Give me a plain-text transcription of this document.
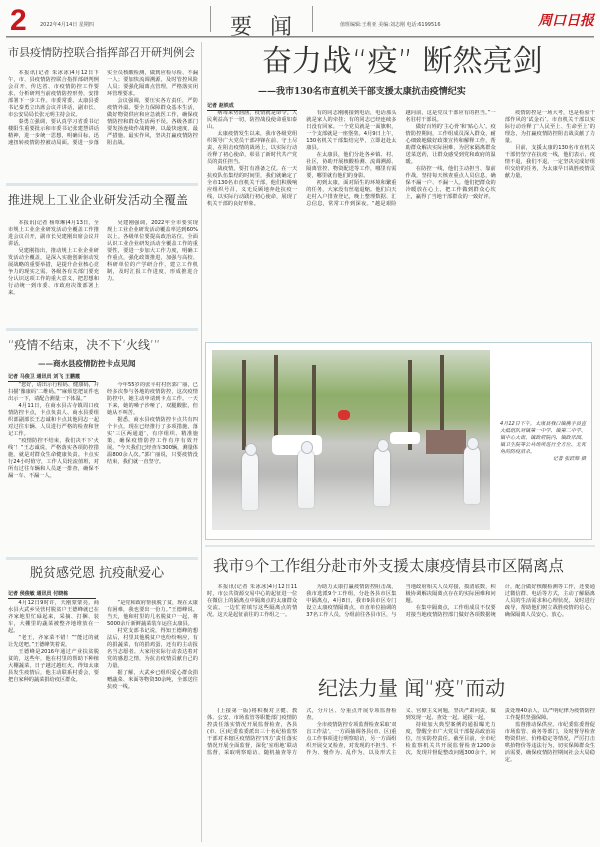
2	2022年4月14日 星期四	要闻	值班编辑:王莉亚 美编:刘志刚 电话:6199516	周口日报
市县疫情防控联合指挥部召开研判例会

本报讯(记者 朱冰冰)4月12日下午，市、县疫情防控联合指挥部研判例会召开，传达省、市疫情防控工作要求，分析研判当前疫情防控形势，安排部署下一步工作。市委常委、太康县委书记秦勇立出席会议并讲话，副市长、市公安局局长张元明主持会议。

秦勇立强调，要认真学习省委书记楼阳生重要批示和市委书记张建慧讲话精神，进一步统一思想，明确目标，迅速扭转疫情防控被动局面。要进一步落实全员核酸检测，做到应检尽检、不漏一人；要加快流调溯源，及时管控风险人员；要强化隔离点管理，严格落实闭环管理要求。

会议强调，要压实各方责任，严防疫情外溢。要全力保障群众基本生活，做好物资供应和应急就医工作，确保疫情防控和群众生活两不误。各级各部门要发扬连续作战精神，以最快速度、最严措施、最实作风，坚决打赢疫情防控阻击战。

推进规上工业企业研发活动全覆盖

本报讯(记者 杨覃琳)4月13日，全市规上工业企业研发活动全覆盖工作推进会议召开，副市长吴建刚出席会议并讲话。

吴建刚指出，推动规上工业企业研发活动全覆盖，是深入实施创新驱动发展战略的重要举措，是提升企业核心竞争力的现实之需。各级各有关部门要充分认识这项工作的重大意义，把思想和行动统一到市委、市政府决策部署上来。

吴建刚强调，2022年全市要实现规上工业企业研发活动覆盖率达到60%以上。各级单位要提高政治站位，全面认识工业企业研发活动全覆盖工作的重要性，要进一步加大工作力度，明确工作重点，强化政策推进，加强与高校、科研单位的产学研合作，建立工作机制，及时汇报工作进度，形成推进合力。

“疫情不结束，决不下‘火线’”
——商水县疫情防控卡点见闻
记者 马俊卫 通讯员 刘飞 王鹏霞

“您好，请出示行程码、健康码，并扫描‘豫康码’二维码。”“麻烦您把证件也出示一下，请配合测量一下体温。”

4月11日，在商水县古寺镇周口疫情防控卡点，卡点负责人、商水县委组织部副部长王志诚和卡点其他同志一起对过往车辆、人员进行严格的检查和登记工作。

“疫情防控不结束，我们决不下‘火线’！”王志诚说，严格落实各项防控措施，就是对群众生命健康负责。卡点实行24小时值守，工作人员轮流值班，对所有过往车辆和人员逐一排查，确保不漏一车、不漏一人。

今年55岁的张平村村医郭广丽，已经多次参与各地的疫情防控，这次疫情防控中，她主动申请到卡点工作。一天下来，她的嗓子沙哑了，双腿酸胀，但她从不叫苦。

据悉，商水县疫情防控卡点共有四个卡点，现在已经推行了多项措施，落实‘三区两通道’，有序组织、精准施策，确保疫情防控工作有序有效开展。“今天我们已经查车300辆，测量体温800余人次。”郭广丽说，只要疫情没结束，我们就一直坚守。

脱贫感党恩 抗疫献爱心
记者 侯俊敏 通讯员 付晓栋

4月12日9时许，天刚蒙蒙亮，商水县大武乡吴营村脱贫户王德峰就已在齐家地里忙碌起来，采摘、打捆、装车，大棚里的蔬菜被整齐地堆放在一起。

“老王，齐家菜不错！”“能过的就让先送吧。”王德峰笑着说。

王德峰是2016年通过产业扶贫脱贫的，这些年，他在村里的帮助下种植大棚蔬菜，日子越过越红火。得知太康县发生疫情后，他主动联系村委会，要把自家种的蔬菜捐给疫区群众。

“是党和政府帮我脱了贫，现在太康有困难，我也要出一份力。”王德峰说。当天，他和村里的几名脱贫户一起，将5000余斤新鲜蔬菜装车运往太康县。

村党支部书记说，得知王德峰的想法后，村里其他脱贫户也纷纷响应，有的捐蔬菜，有的捐鸡蛋，还有的主动报名当志愿者。大家用实际行动表达着对党的感恩之情，为抗击疫情贡献自己的力量。

据了解，大武乡已组织爱心群众捐赠蔬菜、米面等物资30余吨，全部送往抗疫一线。

奋力战“疫” 断然亮剑
——我市130名市直机关干部支援太康抗击疫情纪实
记者 赵铁成

病毒来势汹汹，疫情就是命令。人民利益高于一切，防控战役使命重如泰山。

太康疫情发生以来，我市各级党组织领导广大党员干部冲锋在前、守土尽责，在阻击疫情的战场上，以实际行动诠释了初心使命，彰显了新时代共产党员的责任担当。

战疫情，要打有准备之仗。在一天抗疫队伍集结的时间里，我们就确定了全市130名市直机关干部，他们积极响应组织号召，义无反顾地奔赴抗疫一线，以实际行动践行初心使命，展现了机关干部的良好形象。

有的同志刚刚接到电话，电话那头就是家人的牵挂；有的同志已经连续多日没有回家。一个党员就是一面旗帜，一个支部就是一座堡垒。4月9日上午，130名机关干部集结完毕，立即赶赴太康县。

在太康县，他们分赴各乡镇、村、社区，协助开展核酸检测、流调溯源、隔离管控、物资配送等工作，哪里有需要，哪里就有他们的身影。

初到太康，面对陌生的环境和繁重的任务，大家没有丝毫退缩。他们白天走村入户排查登记，晚上整理数据、汇总信息，常常工作到深夜。“越是艰险越向前，这是党员干部应有的担当。”一名驻村干部说。

做好百姓的‘主心骨’和‘贴心人’。疫情防控期间，工作组成员深入群众，耐心细致地做好政策宣传和解释工作，帮助群众解决实际困难，为居家隔离群众送菜送药，让群众感受到党和政府的温暖。

在防控一线，他们主动担当、靠前作战，坚持每天核查重点人员信息，确保不漏一户、不漏一人。他们把群众的冷暖放在心上，把工作做到群众心坎上，赢得了当地干部群众的一致好评。

疫情防控是一场大考，也是检验干部作风的‘试金石’。市直机关干部以实际行动诠释了‘人民至上、生命至上’的理念，为打赢疫情防控阻击战贡献了力量。

目前，支援太康的130名市直机关干部仍坚守在抗疫一线，他们表示，疫情不退，我们不退，一定坚决完成好组织交给的任务，为太康早日战胜疫情贡献力量。

4月12日下午，太康县我口镇携手县直大抵组队对镇第一中学、镇第二中学、镇中心大街、镇政府院内、镇政乐园、镇卫生院等公共场所进行全方位、无死角的防疫消杀。
记者 张跃辉 摄
我市9个工作组分赴市外支援太康疫情县市区隔离点

本报讯(记者 朱冰冰)4月12日11时，市公共资源交易中心的起征进一位在微信上的隔离点中隔离点的太康群众交流。一边忙着填写这些隔离点的情况。这天是起征前往的工作组之一。

为助力太康打赢疫情防控阻击战，我市选派9个工作组，分赴各县市区集中隔离点，4月8日，我市9县市区专门设立太康疫情隔离点，市直单位抽调的37名工作人员，分组前往各县市区，与当地政府相关人员对接，摸清底数，积极协调解决隔离点存在的实际困难和问题。

在集中隔离点，工作组成员不仅要对接当地疫情防控部门做好各项数据统计，配合做好核酸检测等工作，还要通过微信群、电话等方式，主动了解隔离人员的生活需求和心理状况，及时进行疏导，帮助他们树立战胜疫情的信心，确保隔离人员安心、放心。

纪法力量 闻“疫”而动

(上接第一版)将积极对卫健、教体、公安、市场监管等职能部门疫情防控责任落实情况开展监督检查，各县(市、区)纪委监委派出三十名纪检监察干部对本辖区疫情防控‘四方’责任落实情况开展全面监督，深化‘室组地’联动监督，采取明察暗访、随机抽查等方式，分片区、分重点开展专项监督检查。

全市疫情防控专项监督检查采取‘双盲工作法’，一方面抽调各县(市、区)重点工作事项进行明察暗访，另一方面组织开展交叉检查，对发现的不担当、不作为、慢作为、乱作为，以及形式主义、官僚主义问题，坚决严肃问责，做到发现一起、查处一起、通报一起。

持续加大典型案例的通报曝光力度，警醒全市广大党员干部提高政治站位，压实防控责任。截至目前，全市纪检监察机关共开展监督检查1200余次，发现并督促整改问题300余个，问责处理40余人，以严明纪律为疫情防控工作提供坚强保障。

监督推动保供应。市纪委监委督促市场监管、商务等部门，及时督导检查物资供应、价格稳定等情况，严厉打击哄抬物价等违法行为，切实保障群众生活需要，确保疫情防控期间社会大局稳定。
